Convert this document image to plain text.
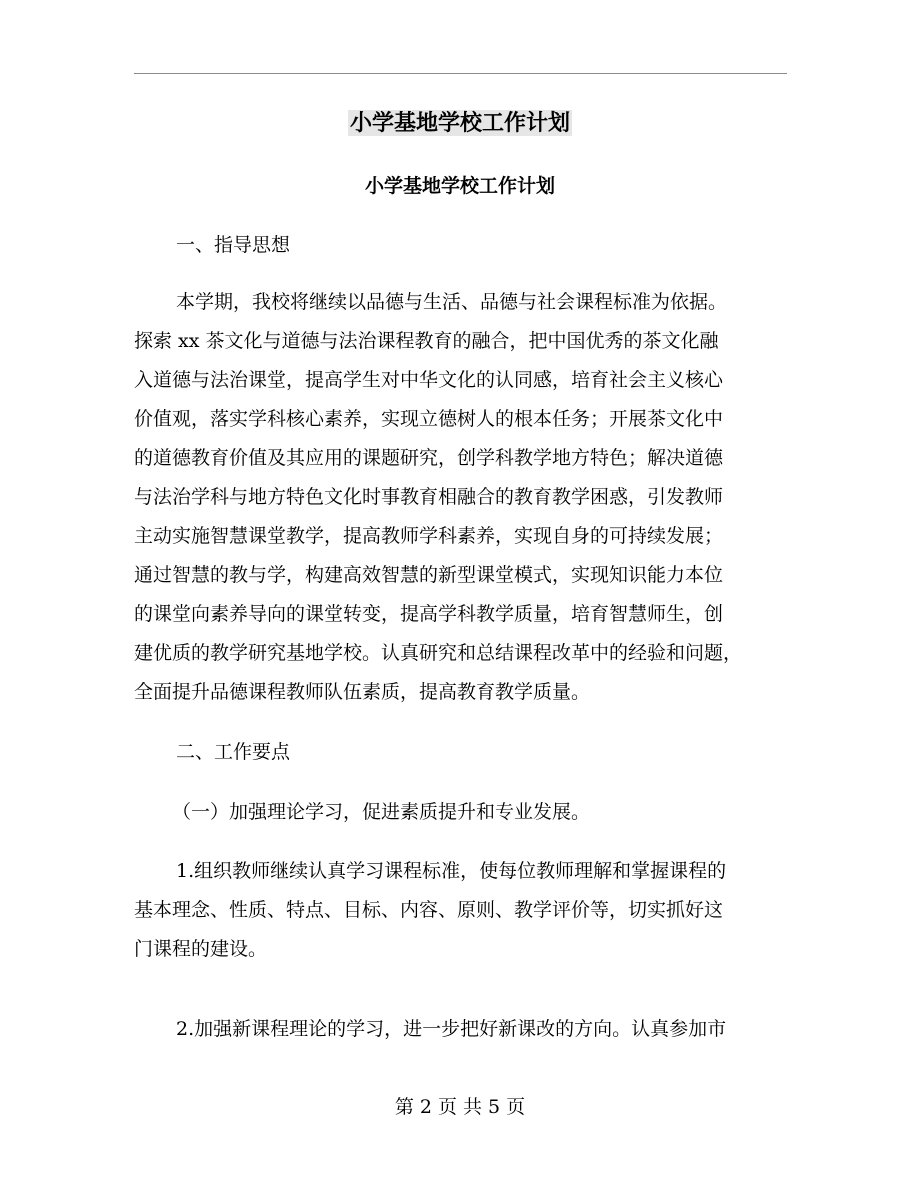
小学基地学校工作计划
小学基地学校工作计划
一、指导思想
本学期，我校将继续以品德与生活、品德与社会课程标准为依据。
探索 xx 茶文化与道德与法治课程教育的融合，把中国优秀的茶文化融
入道德与法治课堂，提高学生对中华文化的认同感，培育社会主义核心
价值观，落实学科核心素养，实现立德树人的根本任务；开展茶文化中
的道德教育价值及其应用的课题研究，创学科教学地方特色；解决道德
与法治学科与地方特色文化时事教育相融合的教育教学困惑，引发教师
主动实施智慧课堂教学，提高教师学科素养，实现自身的可持续发展；
通过智慧的教与学，构建高效智慧的新型课堂模式，实现知识能力本位
的课堂向素养导向的课堂转变，提高学科教学质量，培育智慧师生，创
建优质的教学研究基地学校。认真研究和总结课程改革中的经验和问题，
全面提升品德课程教师队伍素质，提高教育教学质量。
二、工作要点
（一）加强理论学习，促进素质提升和专业发展。
1.组织教师继续认真学习课程标准，使每位教师理解和掌握课程的
基本理念、性质、特点、目标、内容、原则、教学评价等，切实抓好这
门课程的建设。
2.加强新课程理论的学习，进一步把好新课改的方向。认真参加市
第 2 页 共 5 页
